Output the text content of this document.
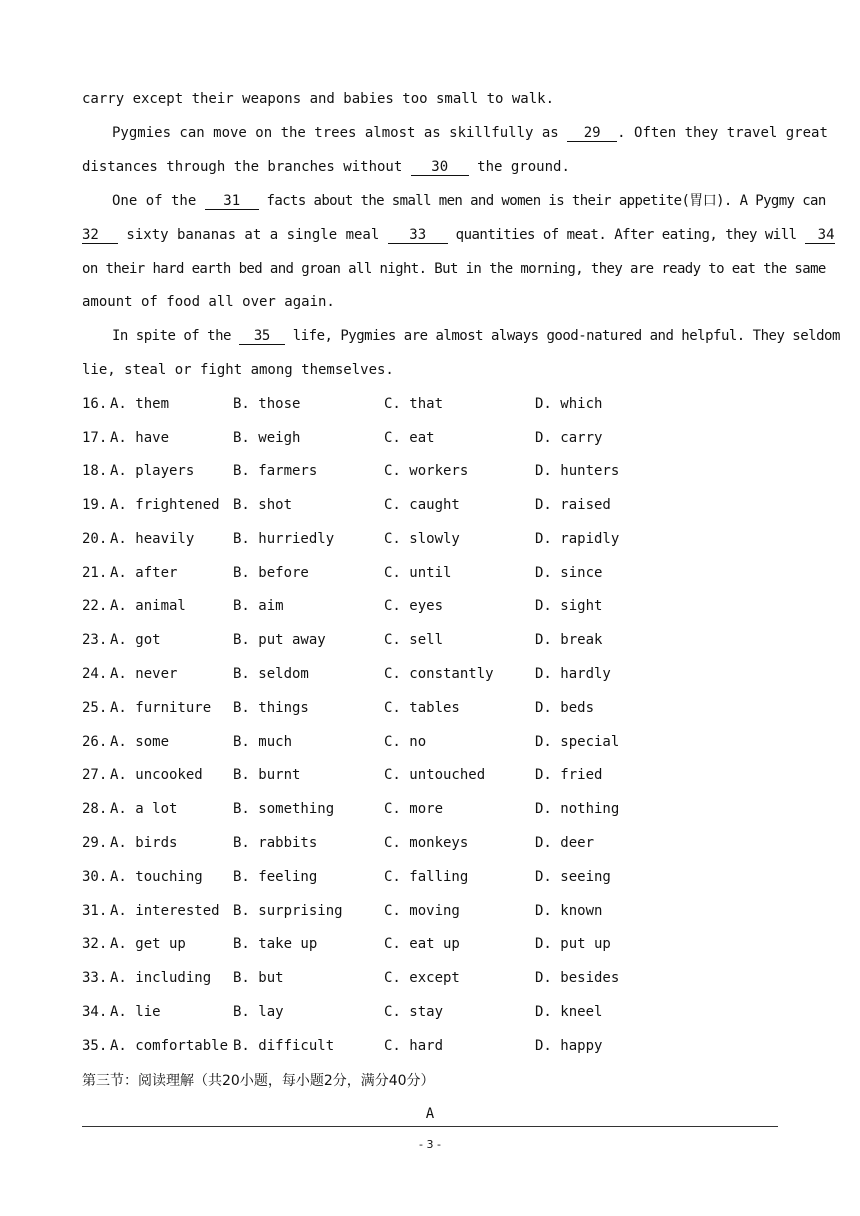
carry except their weapons and babies too small to walk.
Pygmies can move on the trees almost as skillfully as 29 . Often they travel great
distances through the branches without 30 the ground.
One of the 31 facts about the small men and women is their appetite(胃口). A Pygmy can
32 sixty bananas at a single meal 33 quantities of meat. After eating, they will 34
on their hard earth bed and groan all night. But in the morning, they are ready to eat the same
amount of food all over again.
In spite of the 35 life, Pygmies are almost always good-natured and helpful. They seldom
lie, steal or fight among themselves.
16. A. them	B. those	C. that	D. which
17. A. have	B. weigh	C. eat	D. carry
18. A. players	B. farmers	C. workers	D. hunters
19. A. frightened B. shot	C. caught	D. raised
20. A. heavily	B. hurriedly	C. slowly	D. rapidly
21. A. after	B. before	C. until	D. since
22. A. animal	B. aim	C. eyes	D. sight
23. A. got	B. put away	C. sell	D. break
24. A. never	B. seldom	C. constantly	D. hardly
25. A. furniture B. things	C. tables	D. beds
26. A. some	B. much	C. no	D. special
27. A. uncooked B. burnt	C. untouched	D. fried
28. A. a lot	B. something	C. more	D. nothing
29. A. birds	B. rabbits	C. monkeys	D. deer
30. A. touching B. feeling	C. falling	D. seeing
31. A. interested B. surprising	C. moving	D. known
32. A. get up	B. take up	C. eat up	D. put up
33. A. including B. but	C. except	D. besides
34. A. lie	B. lay	C. stay	D. kneel
35. A. comfortable B. difficult	C. hard	D. happy
第三节：阅读理解（共20小题，每小题2分，满分40分）
A
- 3 -
